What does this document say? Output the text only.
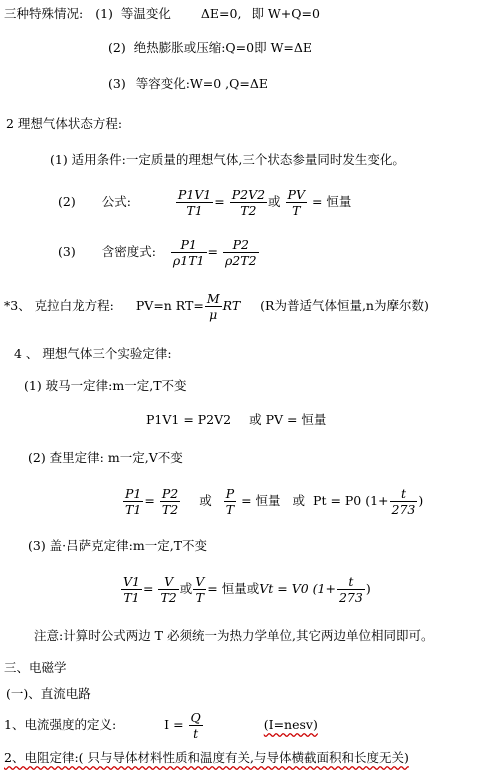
三种特殊情况: (1) 等温变化 ΔE=0, 即 W+Q=0
(2) 绝热膨胀或压缩:Q=0即 W=ΔE
(3) 等容变化:W=0 ,Q=ΔE
2 理想气体状态方程:
(1) 适用条件:一定质量的理想气体,三个状态参量同时发生变化。
(2) 公式:	$\frac{P1V1}{T1} = \frac{P2V2}{T2}$ 或 $\frac{PV}{T}$ = 恒量
(3) 含密度式: $\frac{P1}{\rho 1T1} = \frac{P2}{\rho 2T2}$
*3、 克拉白龙方程: PV=n $RT= \frac{M}{\mu}$ RT (R为普适气体恒量,n为摩尔数)
4 、 理想气体三个实验定律:
(1) 玻马一定律:m一定,T不变
P1V1 = P2V2 或 PV = 恒量
(2) 查里定律: m一定,V不变
$\frac{P1}{T1} = \frac{P2}{T2}$ 或 $\frac{P}{T}$ = 恒量 或 Pt = P0 ($1+ \frac{t}{273}$ )
(3) 盖·吕萨克定律:m一定,T不变
$\frac{V1}{T1} = \frac{V}{T2}$ 或 $\frac{V}{T}$ = 恒量或Vt = V0 ($1+ \frac{t}{273}$ )
注意:计算时公式两边 T 必须统一为热力学单位,其它两边单位相同即可。
三、电磁学
(一)、直流电路
1、电流强度的定义:	$I = \frac{Q}{t}$	(I=nesv)
2、电阻定律:( 只与导体材料性质和温度有关,与导体横截面积和长度无关)
